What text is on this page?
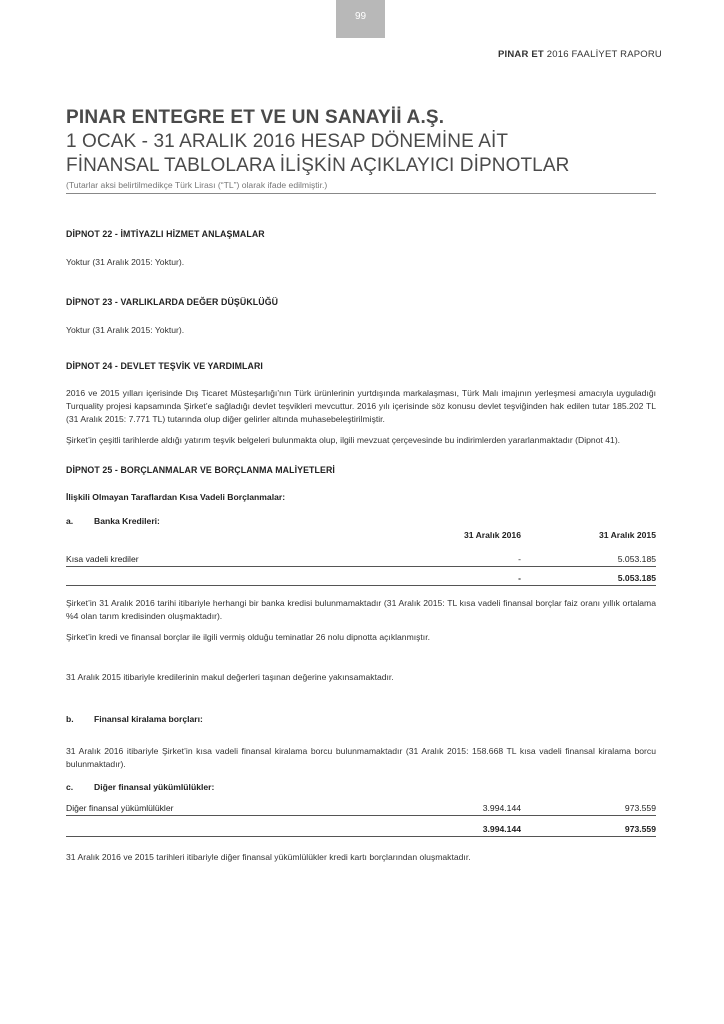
99
PINAR ET 2016 FAALİYET RAPORU

PINAR ENTEGRE ET VE UN SANAYİİ A.Ş.

1 OCAK - 31 ARALIK 2016 HESAP DÖNEMİNE AİT

FİNANSAL TABLOLARA İLİŞKİN AÇIKLAYICI DİPNOTLAR

(Tutarlar aksi belirtilmedikçe Türk Lirası (“TL”) olarak ifade edilmiştir.)

DİPNOT 22 - İMTİYAZLI HİZMET ANLAŞMALAR

Yoktur (31 Aralık 2015: Yoktur).

DİPNOT 23 - VARLIKLARDA DEĞER DÜŞÜKLÜĞÜ

Yoktur (31 Aralık 2015: Yoktur).

DİPNOT 24 - DEVLET TEŞVİK VE YARDIMLARI

2016 ve 2015 yılları içerisinde Dış Ticaret Müsteşarlığı’nın Türk ürünlerinin yurtdışında markalaşması, Türk Malı imajının yerleşmesi amacıyla uyguladığı Turquality projesi kapsamında Şirket’e sağladığı devlet teşvikleri mevcuttur. 2016 yılı içerisinde söz konusu devlet teşviğinden hak edilen tutar 185.202 TL (31 Aralık 2015: 7.771 TL) tutarında olup diğer gelirler altında muhasebeleştirilmiştir.

Şirket’in çeşitli tarihlerde aldığı yatırım teşvik belgeleri bulunmakta olup, ilgili mevzuat çerçevesinde bu indirimlerden yararlanmaktadır (Dipnot 41).

DİPNOT 25 - BORÇLANMALAR VE BORÇLANMA MALİYETLERİ

İlişkili Olmayan Taraflardan Kısa Vadeli Borçlanmalar:

a. Banka Kredileri:

	31 Aralık 2016	31 Aralık 2015

Kısa vadeli krediler	-	5.053.185
	-	5.053.185

Şirket’in 31 Aralık 2016 tarihi itibariyle herhangi bir banka kredisi bulunmamaktadır (31 Aralık 2015: TL kısa vadeli finansal borçlar faiz oranı yıllık ortalama %4 olan tarım kredisinden oluşmaktadır).

Şirket’in kredi ve finansal borçlar ile ilgili vermiş olduğu teminatlar 26 nolu dipnotta açıklanmıştır.

31 Aralık 2015 itibariyle kredilerinin makul değerleri taşınan değerine yakınsamaktadır.

b. Finansal kiralama borçları:

31 Aralık 2016 itibariyle Şirket’in kısa vadeli finansal kiralama borcu bulunmamaktadır (31 Aralık 2015: 158.668 TL kısa vadeli finansal kiralama borcu bulunmaktadır).

c. Diğer finansal yükümlülükler:

Diğer finansal yükümlülükler	3.994.144	973.559
	3.994.144	973.559

31 Aralık 2016 ve 2015 tarihleri itibariyle diğer finansal yükümlülükler kredi kartı borçlarından oluşmaktadır.
